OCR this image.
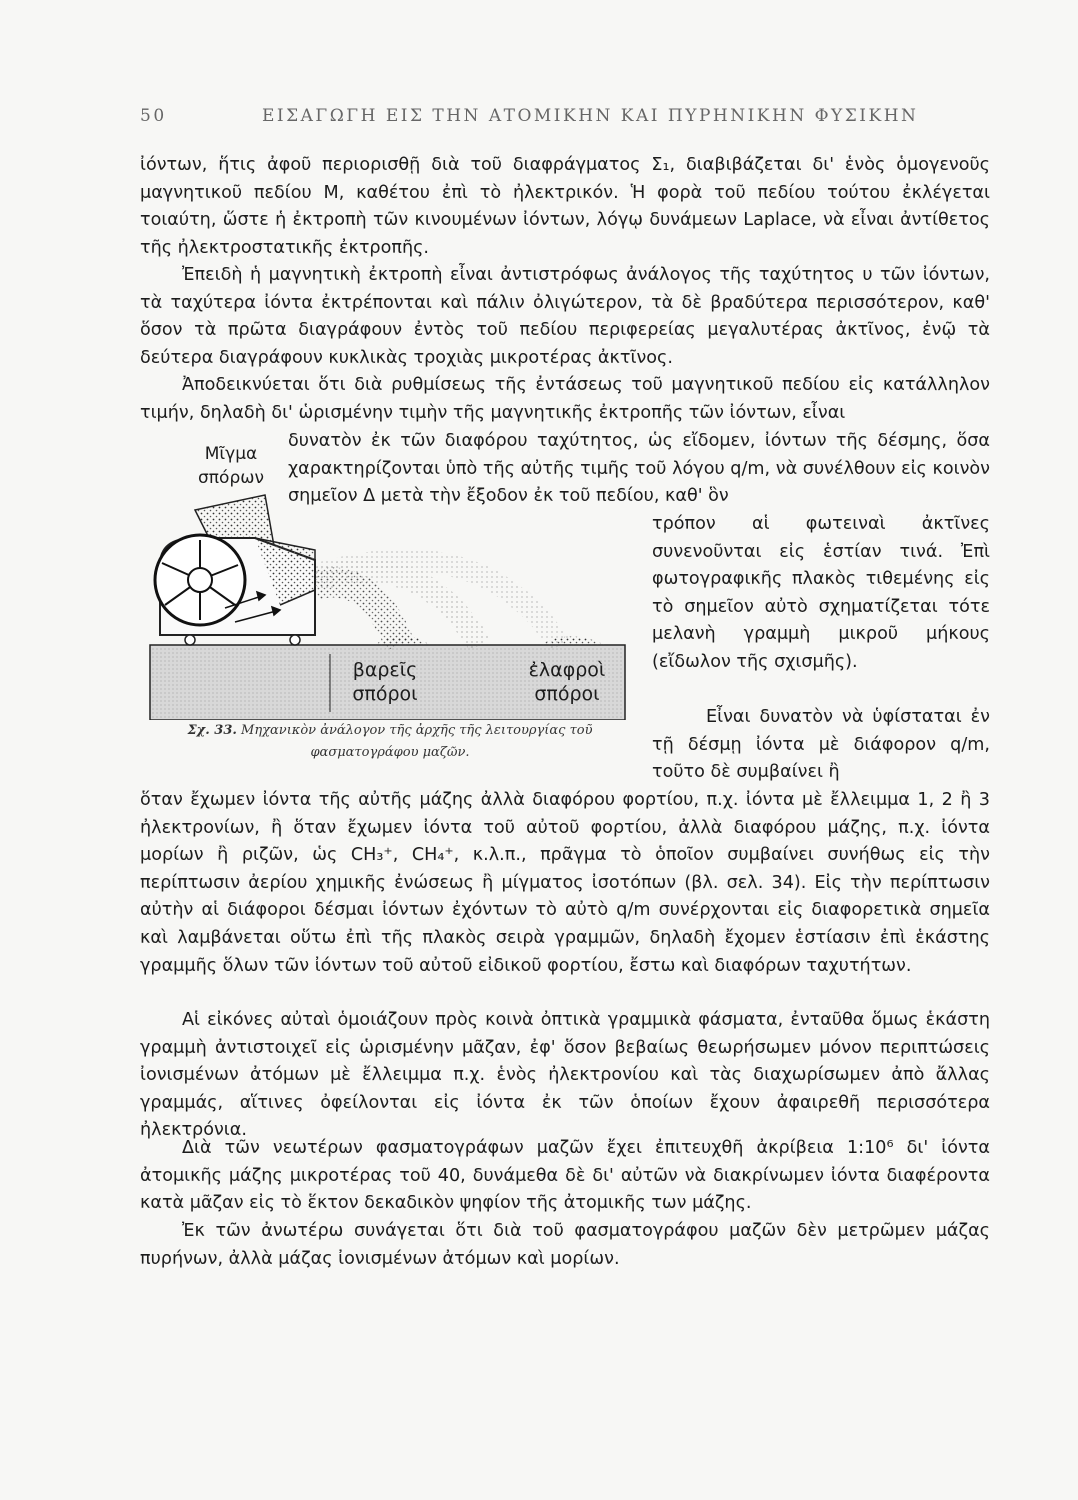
50	ΕΙΣΑΓΩΓΗ ΕΙΣ ΤΗΝ ΑΤΟΜΙΚΗΝ ΚΑΙ ΠΥΡΗΝΙΚΗΝ ΦΥΣΙΚΗΝ

ἰόντων, ἥτις ἀφοῦ περιορισθῇ διὰ τοῦ διαφράγματος Σ₁, διαβιβάζεται δι' ἑνὸς ὁμογενοῦς μαγνητικοῦ πεδίου Μ, καθέτου ἐπὶ τὸ ἠλεκτρικόν. Ἡ φορὰ τοῦ πεδίου τούτου ἐκλέγεται τοιαύτη, ὥστε ἡ ἐκτροπὴ τῶν κινουμένων ἰόντων, λόγῳ δυνάμεων Laplace, νὰ εἶναι ἀντίθετος τῆς ἠλεκτροστατικῆς ἐκτροπῆς.

Ἐπειδὴ ἡ μαγνητικὴ ἐκτροπὴ εἶναι ἀντιστρόφως ἀνάλογος τῆς ταχύτητος υ τῶν ἰόντων, τὰ ταχύτερα ἰόντα ἐκτρέπονται καὶ πάλιν ὀλιγώτερον, τὰ δὲ βραδύτερα περισσότερον, καθ' ὅσον τὰ πρῶτα διαγράφουν ἐντὸς τοῦ πεδίου περιφερείας μεγαλυτέρας ἀκτῖνος, ἐνῷ τὰ δεύτερα διαγράφουν κυκλικὰς τροχιὰς μικροτέρας ἀκτῖνος.

Ἀποδεικνύεται ὅτι διὰ ρυθμίσεως τῆς ἐντάσεως τοῦ μαγνητικοῦ πεδίου εἰς κατάλληλον τιμήν, δηλαδὴ δι' ὡρισμένην τιμὴν τῆς μαγνητικῆς ἐκτροπῆς τῶν ἰόντων, εἶναι

δυνατὸν ἐκ τῶν διαφόρου ταχύτητος, ὡς εἴδομεν, ἰόντων τῆς δέσμης, ὅσα χαρακτηρίζονται ὑπὸ τῆς αὐτῆς τιμῆς τοῦ λόγου q/m, νὰ συνέλθουν εἰς κοινὸν σημεῖον Δ μετὰ τὴν ἔξοδον ἐκ τοῦ πεδίου, καθ' ὃν

τρόπον αἱ φωτειναὶ ἀκτῖνες συνενοῦνται εἰς ἑστίαν τινά. Ἐπὶ φωτογραφικῆς πλακὸς τιθεμένης εἰς τὸ σημεῖον αὐτὸ σχηματίζεται τότε μελανὴ γραμμὴ μικροῦ μήκους (εἴδωλον τῆς σχισμῆς).

Εἶναι δυνατὸν νὰ ὑφίσταται ἐν τῇ δέσμῃ ἰόντα μὲ διάφορον q/m, τοῦτο δὲ συμβαίνει ἢ

ὅταν ἔχωμεν ἰόντα τῆς αὐτῆς μάζης ἀλλὰ διαφόρου φορτίου, π.χ. ἰόντα μὲ ἔλλειμμα 1, 2 ἢ 3 ἠλεκτρονίων, ἢ ὅταν ἔχωμεν ἰόντα τοῦ αὐτοῦ φορτίου, ἀλλὰ διαφόρου μάζης, π.χ. ἰόντα μορίων ἢ ριζῶν, ὡς CH₃⁺, CH₄⁺, κ.λ.π., πρᾶγμα τὸ ὁποῖον συμβαίνει συνήθως εἰς τὴν περίπτωσιν ἀερίου χημικῆς ἐνώσεως ἢ μίγματος ἰσοτόπων (βλ. σελ. 34). Εἰς τὴν περίπτωσιν αὐτὴν αἱ διάφοροι δέσμαι ἰόντων ἐχόντων τὸ αὐτὸ q/m συνέρχονται εἰς διαφορετικὰ σημεῖα καὶ λαμβάνεται οὕτω ἐπὶ τῆς πλακὸς σειρὰ γραμμῶν, δηλαδὴ ἔχομεν ἑστίασιν ἐπὶ ἑκάστης γραμμῆς ὅλων τῶν ἰόντων τοῦ αὐτοῦ εἰδικοῦ φορτίου, ἔστω καὶ διαφόρων ταχυτήτων.

Αἱ εἰκόνες αὐταὶ ὁμοιάζουν πρὸς κοινὰ ὀπτικὰ γραμμικὰ φάσματα, ἐνταῦθα ὅμως ἑκάστη γραμμὴ ἀντιστοιχεῖ εἰς ὡρισμένην μᾶζαν, ἐφ' ὅσον βεβαίως θεωρήσωμεν μόνον περιπτώσεις ἰονισμένων ἀτόμων μὲ ἔλλειμμα π.χ. ἑνὸς ἠλεκτρονίου καὶ τὰς διαχωρίσωμεν ἀπὸ ἄλλας γραμμάς, αἵτινες ὀφείλονται εἰς ἰόντα ἐκ τῶν ὁποίων ἔχουν ἀφαιρεθῆ περισσότερα ἠλεκτρόνια.

Διὰ τῶν νεωτέρων φασματογράφων μαζῶν ἔχει ἐπιτευχθῆ ἀκρίβεια 1:10⁶ δι' ἰόντα ἀτομικῆς μάζης μικροτέρας τοῦ 40, δυνάμεθα δὲ δι' αὐτῶν νὰ διακρίνωμεν ἰόντα διαφέροντα κατὰ μᾶζαν εἰς τὸ ἕκτον δεκαδικὸν ψηφίον τῆς ἀτομικῆς των μάζης.

Ἐκ τῶν ἀνωτέρω συνάγεται ὅτι διὰ τοῦ φασματογράφου μαζῶν δὲν μετρῶμεν μάζας πυρήνων, ἀλλὰ μάζας ἰονισμένων ἀτόμων καὶ μορίων.

Μῖγμα σπόρων
βαρεῖς σπόροι
ἐλαφροὶ σπόροι
Σχ. 33. Μηχανικὸν ἀνάλογον τῆς ἀρχῆς τῆς λειτουργίας τοῦ φασματογράφου μαζῶν.
